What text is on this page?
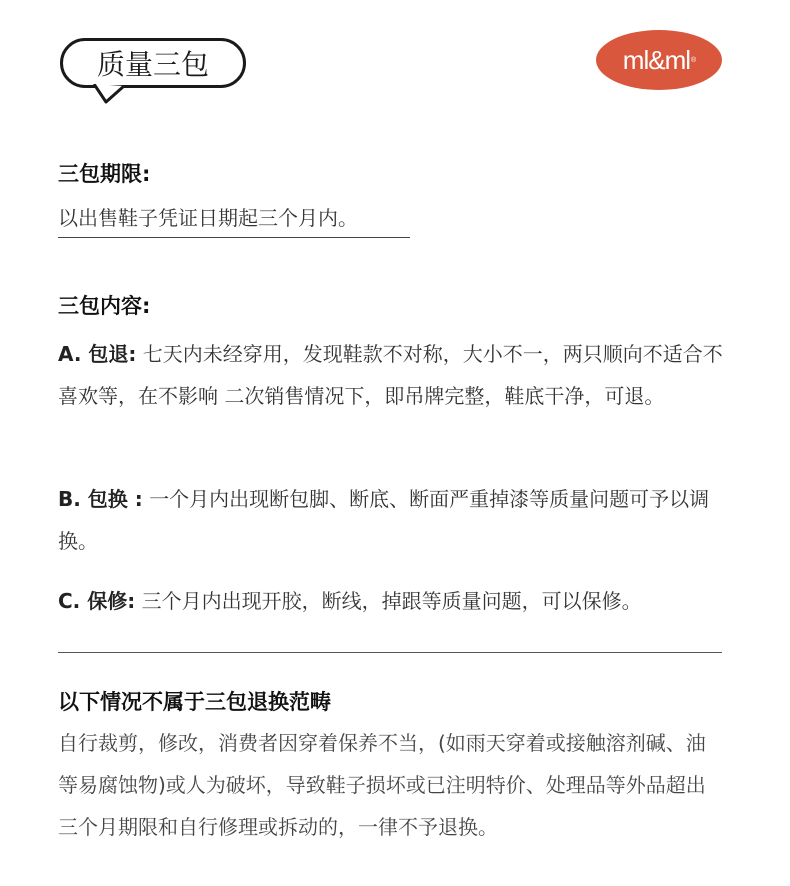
质量三包	ml&ml ®
三包期限:
以出售鞋子凭证日期起三个月内。
三包内容:
A. 包退: 七天内未经穿用，发现鞋款不对称，大小不一，两只顺向不适合不喜欢等，在不影响 二次销售情况下，即吊牌完整，鞋底干净，可退。
B. 包换 : 一个月内出现断包脚、断底、断面严重掉漆等质量问题可予以调换。
C. 保修: 三个月内出现开胶，断线，掉跟等质量问题，可以保修。
以下情况不属于三包退换范畴
自行裁剪，修改，消费者因穿着保养不当，(如雨天穿着或接触溶剂碱、油等易腐蚀物)或人为破坏，导致鞋子损坏或已注明特价、处理品等外品超出三个月期限和自行修理或拆动的，一律不予退换。
